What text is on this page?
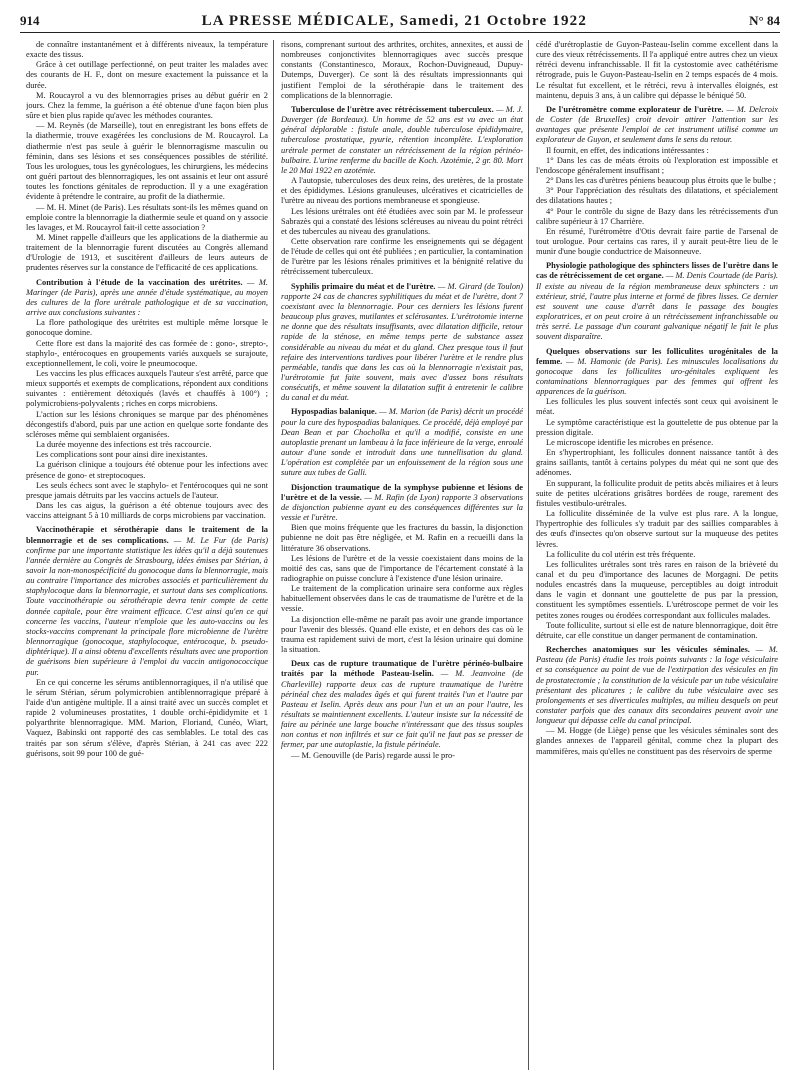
914	LA PRESSE MÉDICALE, Samedi, 21 Octobre 1922	N° 84

de connaître instantanément et à différents niveaux, la température exacte des tissus.

Grâce à cet outillage perfectionné, on peut traiter les malades avec des courants de H. F., dont on mesure exactement la puissance et la durée.

M. Roucayrol a vu des blennorragies prises au début guérir en 2 jours. Chez la femme, la guérison a été obtenue d'une façon bien plus sûre et bien plus rapide qu'avec les méthodes courantes.

— M. Reynès (de Marseille), tout en enregistrant les bons effets de la diathermie, trouve exagérées les conclusions de M. Roucayrol. La diathermie n'est pas seule à guérir le blennorragisme masculin ou féminin, dans ses lésions et ses conséquences possibles de stérilité. Tous les urologues, tous les gynécologues, les chirurgiens, les médecins ont guéri partout des blennorragiques, les ont assainis et leur ont assuré toutes les fonctions génitales de reproduction. Il y a une exagération évidente à prétendre le contraire, au profit de la diathermie.

— M. H. Minet (de Paris). Les résultats sont-ils les mêmes quand on emploie contre la blennorragie la diathermie seule et quand on y associe les lavages, et M. Roucayrol fait-il cette association ?

M. Minet rappelle d'ailleurs que les applications de la diathermie au traitement de la blennorragie furent discutées au Congrès allemand d'Urologie de 1913, et suscitèrent d'ailleurs de leurs auteurs de prudentes réserves sur la constance de l'efficacité de ces applications.

Contribution à l'étude de la vaccination des urétrites. — M. Maringer (de Paris), après une année d'étude systématique, au moyen des cultures de la flore urétrale pathologique et de sa vaccination, arrive aux conclusions suivantes :

La flore pathologique des urétrites est multiple même lorsque le gonocoque domine.

Cette flore est dans la majorité des cas formée de : gono-, strepto-, staphylo-, entérocoques en groupements variés auxquels se surajoute, exceptionnellement, le coli, voire le pneumocoque.

Les vaccins les plus efficaces auxquels l'auteur s'est arrêté, parce que mieux supportés et exempts de complications, répondent aux conditions suivantes : entièrement détoxiqués (lavés et chauffés à 100°) ; polymicrobiens-polyvalents ; riches en corps microbiens.

L'action sur les lésions chroniques se marque par des phénomènes décongestifs d'abord, puis par une action en quelque sorte fondante des scléroses même qui semblaient organisées.

La durée moyenne des infections est très raccourcie.

Les complications sont pour ainsi dire inexistantes.

La guérison clinique a toujours été obtenue pour les infections avec présence de gono- et streptocoques.

Les seuls échecs sont avec le staphylo- et l'entérocoques qui ne sont presque jamais détruits par les vaccins actuels de l'auteur.

Dans les cas aigus, la guérison a été obtenue toujours avec des vaccins atteignant 5 à 10 milliards de corps microbiens par vaccination.

Vaccinothérapie et sérothérapie dans le traitement de la blennorragie et de ses complications. — M. Le Fur (de Paris) confirme par une importante statistique les idées qu'il a déjà soutenues l'année dernière au Congrès de Strasbourg, idées émises par Stérian, à savoir la non-monospécificité du gonocoque dans la blennorragie, mais au contraire l'importance des microbes associés et particulièrement du staphylocoque dans la blennorragie, et surtout dans ses complications. Toute vaccinothérapie ou sérothérapie devra tenir compte de cette donnée capitale, pour être vraiment efficace. C'est ainsi qu'en ce qui concerne les vaccins, l'auteur n'emploie que les auto-vaccins ou les stocks-vaccins comprenant la principale flore microbienne de l'urètre blennorragique (gonocoque, staphylocoque, entérocoque, b. pseudo-diphtérique). Il a ainsi obtenu d'excellents résultats avec une proportion de guérisons bien supérieure à l'emploi du vaccin antigonococcique pur.

En ce qui concerne les sérums antiblennorragiques, il n'a utilisé que le sérum Stérian, sérum polymicrobien antiblennorragique préparé à l'aide d'un antigène multiple. Il a ainsi traité avec un succès complet et rapide 2 volumineuses prostatites, 1 double orchi-épididymite et 1 polyarthrite blennorragique. MM. Marion, Floriand, Cunéo, Wiart, Vaquez, Babinski ont rapporté des cas semblables. Le total des cas traités par son sérum s'élève, d'après Stérian, à 241 cas avec 222 guérisons, soit 99 pour 100 de gué-

risons, comprenant surtout des arthrites, orchites, annexites, et aussi de nombreuses conjonctivites blennorragiques avec succès presque constants (Constantinesco, Moraux, Rochon-Duvigneaud, Dupuy-Dutemps, Duverger). Ce sont là des résultats impressionnants qui justifient l'emploi de la sérothérapie dans le traitement des complications de la blennorragie.

Tuberculose de l'urètre avec rétrécissement tuberculeux. — M. J. Duverger (de Bordeaux). Un homme de 52 ans est vu avec un état général déplorable : fistule anale, double tuberculose épididymaire, tuberculose prostatique, pyurie, rétention incomplète. L'exploration urétrale permet de constater un rétrécissement de la région périnéo-bulbaire. L'urine renferme du bacille de Koch. Azotémie, 2 gr. 80. Mort le 20 Mai 1922 en azotémie.

A l'autopsie, tuberculoses des deux reins, des uretères, de la prostate et des épididymes. Lésions granuleuses, ulcératives et cicatricielles de l'urètre au niveau des portions membraneuse et spongieuse.

Les lésions urétrales ont été étudiées avec soin par M. le professeur Sabrazès qui a constaté des lésions scléreuses au niveau du point rétréci et des tubercules au niveau des granulations.

Cette observation rare confirme les enseignements qui se dégagent de l'étude de celles qui ont été publiées ; en particulier, la contamination de l'urètre par les lésions rénales primitives et la bénignité relative du rétrécissement tuberculeux.

Syphilis primaire du méat et de l'urètre. — M. Girard (de Toulon) rapporte 24 cas de chancres syphilitiques du méat et de l'urètre, dont 7 coexistant avec la blennorragie. Pour ces derniers les lésions furent beaucoup plus graves, mutilantes et sclérosantes. L'urétrotomie interne ne donne que des résultats insuffisants, avec dilatation difficile, retour rapide de la sténose, en même temps perte de substance assez considérable au niveau du méat et du gland. Chez presque tous il faut refaire des interventions tardives pour libérer l'urètre et le rendre plus perméable, tandis que dans les cas où la blennorragie n'existait pas, l'urétrotomie fut faite souvent, mais avec d'assez bons résultats consécutifs, et même souvent la dilatation suffit à entretenir le calibre du canal et du méat.

Hypospadias balanique. — M. Marion (de Paris) décrit un procédé pour la cure des hypospadias balaniques. Ce procédé, déjà employé par Dean Bean et par Chocholka et qu'il a modifié, consiste en une autoplastie prenant un lambeau à la face inférieure de la verge, enroulé autour d'une sonde et introduit dans une tunnellisation du gland. L'opération est complétée par un enfouissement de la région sous une suture aux tubes de Galli.

Disjonction traumatique de la symphyse pubienne et lésions de l'urètre et de la vessie. — M. Rafin (de Lyon) rapporte 3 observations de disjonction pubienne ayant eu des conséquences différentes sur la vessie et l'urètre.

Bien que moins fréquente que les fractures du bassin, la disjonction pubienne ne doit pas être négligée, et M. Rafin en a recueilli dans la littérature 36 observations.

Les lésions de l'urètre et de la vessie coexistaient dans moins de la moitié des cas, sans que de l'importance de l'écartement constaté à la radiographie on puisse conclure à l'existence d'une lésion urinaire.

Le traitement de la complication urinaire sera conforme aux règles habituellement observées dans le cas de traumatisme de l'urètre et de la vessie.

La disjonction elle-même ne paraît pas avoir une grande importance pour l'avenir des blessés. Quand elle existe, et en dehors des cas où le trauma est rapidement suivi de mort, c'est la lésion urinaire qui domine la situation.

Deux cas de rupture traumatique de l'urètre périnéo-bulbaire traités par la méthode Pasteau-Iselin. — M. Jeanvoine (de Charleville) rapporte deux cas de rupture traumatique de l'urètre périnéal chez des malades âgés et qui furent traités l'un et l'autre par Pasteau et Iselin. Après deux ans pour l'un et un an pour l'autre, les résultats se maintiennent excellents. L'auteur insiste sur la nécessité de faire au périnée une large bouche n'intéressant que des tissus souples non contus et non infiltrés et sur ce fait qu'il ne faut pas se presser de fermer, par une autoplastie, la fistule périnéale.

— M. Genouville (de Paris) regarde aussi le pro-

cédé d'urétroplastie de Guyon-Pasteau-Iselin comme excellent dans la cure des vieux rétrécissements. Il l'a appliqué entre autres chez un vieux rétréci devenu infranchissable. Il fit la cystostomie avec cathétérisme rétrograde, puis le Guyon-Pasteau-Iselin en 2 temps espacés de 4 mois. Le résultat fut excellent, et le rétréci, revu à intervalles éloignés, est maintenu, depuis 3 ans, à un calibre qui dépasse le béniqué 50.

De l'urétromètre comme explorateur de l'urètre. — M. Delcroix de Coster (de Bruxelles) croit devoir attirer l'attention sur les avantages que présente l'emploi de cet instrument utilisé comme un explorateur de Guyon, et seulement dans le sens du retour.

Il fournit, en effet, des indications intéressantes :

1° Dans les cas de méats étroits où l'exploration est impossible et l'endoscope généralement insuffisant ;

2° Dans les cas d'urètres péniens beaucoup plus étroits que le bulbe ;

3° Pour l'appréciation des résultats des dilatations, et spécialement des dilatations hautes ;

4° Pour le contrôle du signe de Bazy dans les rétrécissements d'un calibre supérieur à 17 Charrière.

En résumé, l'urétromètre d'Otis devrait faire partie de l'arsenal de tout urologue. Pour certains cas rares, il y aurait peut-être lieu de le munir d'une bougie conductrice de Maisonneuve.

Physiologie pathologique des sphincters lisses de l'urètre dans le cas de rétrécissement de cet organe. — M. Denis Courtade (de Paris). Il existe au niveau de la région membraneuse deux sphincters : un extérieur, strié, l'autre plus interne et formé de fibres lisses. Ce dernier est souvent une cause d'arrêt dans le passage des bougies exploratrices, et on peut croire à un rétrécissement infranchissable ou très serré. Le passage d'un courant galvanique négatif le fait le plus souvent disparaître.

Quelques observations sur les folliculites urogénitales de la femme. — M. Hamonic (de Paris). Les minuscules localisations du gonocoque dans les folliculites uro-génitales expliquent les contaminations blennorragiques par des femmes qui offrent les apparences de la guérison.

Les follicules les plus souvent infectés sont ceux qui avoisinent le méat.

Le symptôme caractéristique est la gouttelette de pus obtenue par la pression digitale.

Le microscope identifie les microbes en présence.

En s'hypertrophiant, les follicules donnent naissance tantôt à des grains saillants, tantôt à certains polypes du méat qui ne sont que des adénomes.

En suppurant, la folliculite produit de petits abcès miliaires et à leurs suite de petites ulcérations grisâtres bordées de rouge, rarement des fistules vestibulo-urétrales.

La folliculite disséminée de la vulve est plus rare. A la longue, l'hypertrophie des follicules s'y traduit par des saillies comparables à des œufs d'insectes qu'on observe surtout sur la muqueuse des petites lèvres.

La folliculite du col utérin est très fréquente.

Les folliculites urétrales sont très rares en raison de la brièveté du canal et du peu d'importance des lacunes de Morgagni. De petits nodules encastrés dans la muqueuse, perceptibles au doigt introduit dans le vagin et donnant une gouttelette de pus par la pression, constituent les symptômes essentiels. L'urétroscope permet de voir les petites zones rouges ou érodées correspondant aux follicules malades.

Toute folliculite, surtout si elle est de nature blennorragique, doit être détruite, car elle constitue un danger permanent de contamination.

Recherches anatomiques sur les vésicules séminales. — M. Pasteau (de Paris) étudie les trois points suivants : la loge vésiculaire et sa conséquence au point de vue de l'extirpation des vésicules en fin de prostatectomie ; la constitution de la vésicule par un tube vésiculaire présentant des plicatures ; le calibre du tube vésiculaire avec ses prolongements et ses diverticules multiples, au milieu desquels on peut constater parfois que des canaux dits secondaires peuvent avoir une longueur qui dépasse celle du canal principal.

— M. Hogge (de Liège) pense que les vésicules séminales sont des glandes annexes de l'appareil génital, comme chez la plupart des mammifères, mais qu'elles ne constituent pas des réservoirs de sperme
